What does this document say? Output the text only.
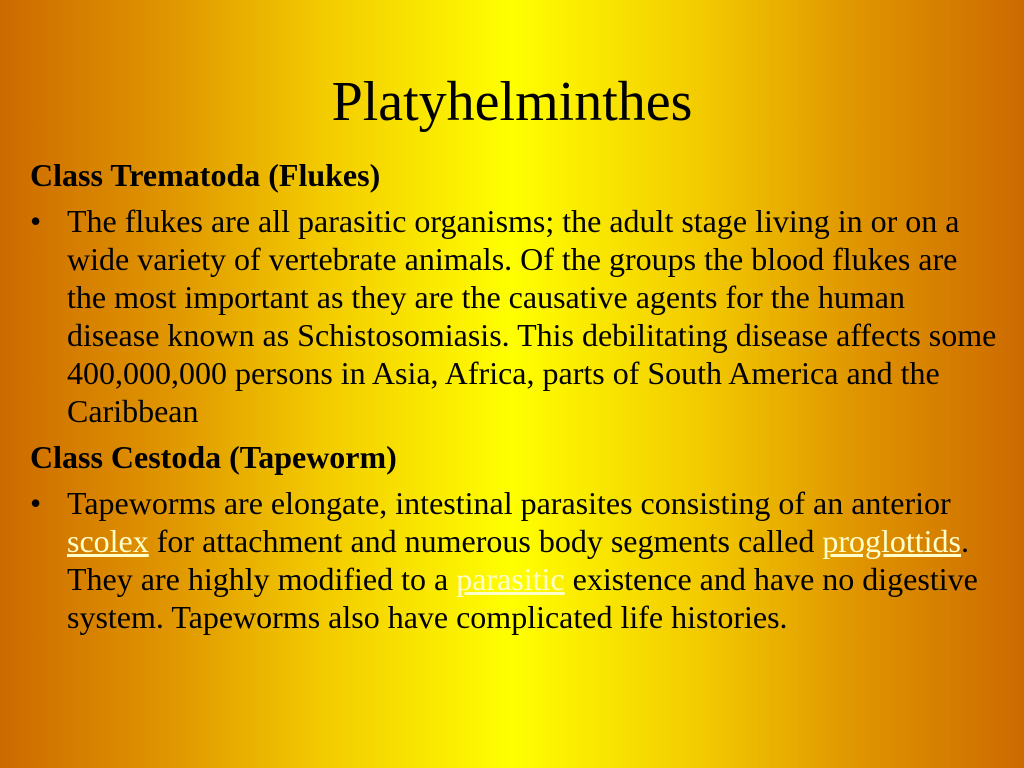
Platyhelminthes

Class Trematoda (Flukes)

• The flukes are all parasitic organisms; the adult stage living in or on a wide variety of vertebrate animals. Of the groups the blood flukes are the most important as they are the causative agents for the human disease known as Schistosomiasis. This debilitating disease affects some 400,000,000 persons in Asia, Africa, parts of South America and the Caribbean

Class Cestoda (Tapeworm)

• Tapeworms are elongate, intestinal parasites consisting of an anterior scolex for attachment and numerous body segments called proglottids. They are highly modified to a parasitic existence and have no digestive system. Tapeworms also have complicated life histories.
